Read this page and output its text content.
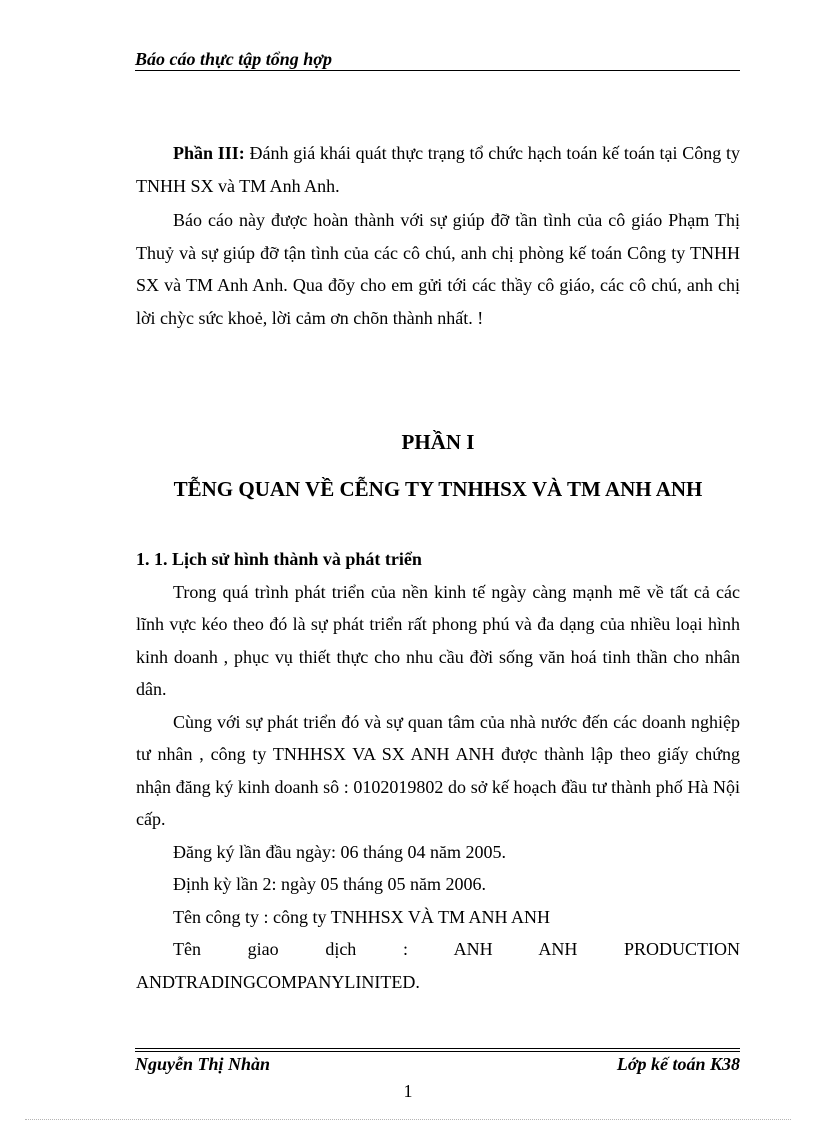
Báo cáo thực tập tổng hợp

Phần III: Đánh giá khái quát thực trạng tổ chức hạch toán kế toán tại Công ty TNHH SX và TM Anh Anh.

Báo cáo này được hoàn thành với sự giúp đỡ tần tình của cô giáo Phạm Thị Thuỷ và sự giúp đỡ tận tình của các cô chú, anh chị phòng kế toán Công ty TNHH SX và TM Anh Anh. Qua đõy cho em gửi tới các thầy cô giáo, các cô chú, anh chị lời chỳc sức khoẻ, lời cảm ơn chõn thành nhất. !

PHẦN I
TỄNG QUAN VỀ CỄNG TY TNHHSX VÀ TM ANH ANH

1. 1. Lịch sử hình thành và phát triển

Trong quá trình phát triển của nền kinh tế ngày càng mạnh mẽ về tất cả các lĩnh vực kéo theo đó là sự phát triển rất phong phú và đa dạng của nhiều loại hình kinh doanh , phục vụ thiết thực cho nhu cầu đời sống văn hoá tinh thần cho nhân dân.

Cùng với sự phát triển đó và sự quan tâm của nhà nước đến các doanh nghiệp tư nhân , công ty TNHHSX VA SX ANH ANH được thành lập theo giấy chứng nhận đăng ký kinh doanh sô : 0102019802 do sở kế hoạch đầu tư thành phố Hà Nội cấp.

Đăng ký lần đầu ngày: 06 tháng 04 năm 2005.

Định kỳ lần 2: ngày 05 tháng 05 năm 2006.

Tên công ty : công ty TNHHSX VÀ TM ANH ANH

Tên giao dịch : ANH ANH PRODUCTION

ANDTRADINGCOMPANYLINITED.

Nguyễn Thị Nhàn	Lớp kế toán K38
1
